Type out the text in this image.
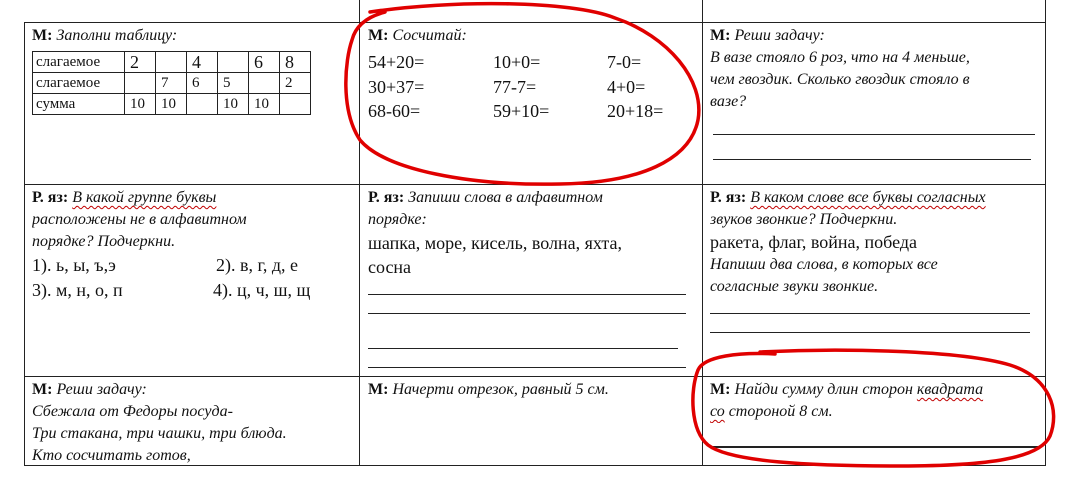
М: Заполни таблицу:
слагаемое	2		4		6	8
слагаемое		7	6	5		2
сумма	10	10		10	10	
М: Сосчитай:
54+20=	10+0=	7-0=
30+37=	77-7=	4+0=
68-60=	59+10=	20+18=
М: Реши задачу:
В вазе стояло 6 роз, что на 4 меньше,
чем гвоздик. Сколько гвоздик стояло в
вазе?
Р. яз: В какой группе буквы
расположены не в алфавитном
порядке? Подчеркни.
1). ь, ы, ъ,э	2). в, г, д, е
3). м, н, о, п	4). ц, ч, ш, щ
Р. яз: Запиши слова в алфавитном
порядке:
шапка, море, кисель, волна, яхта,
сосна
Р. яз: В каком слове все буквы согласных
звуков звонкие? Подчеркни.
ракета, флаг, война, победа
Напиши два слова, в которых все
согласные звуки звонкие.
М: Реши задачу:
Сбежала от Федоры посуда-
Три стакана, три чашки, три блюда.
Кто сосчитать готов,
М: Начерти отрезок, равный 5 см.	М: Найди сумму длин сторон квадрата
со стороной 8 см.
